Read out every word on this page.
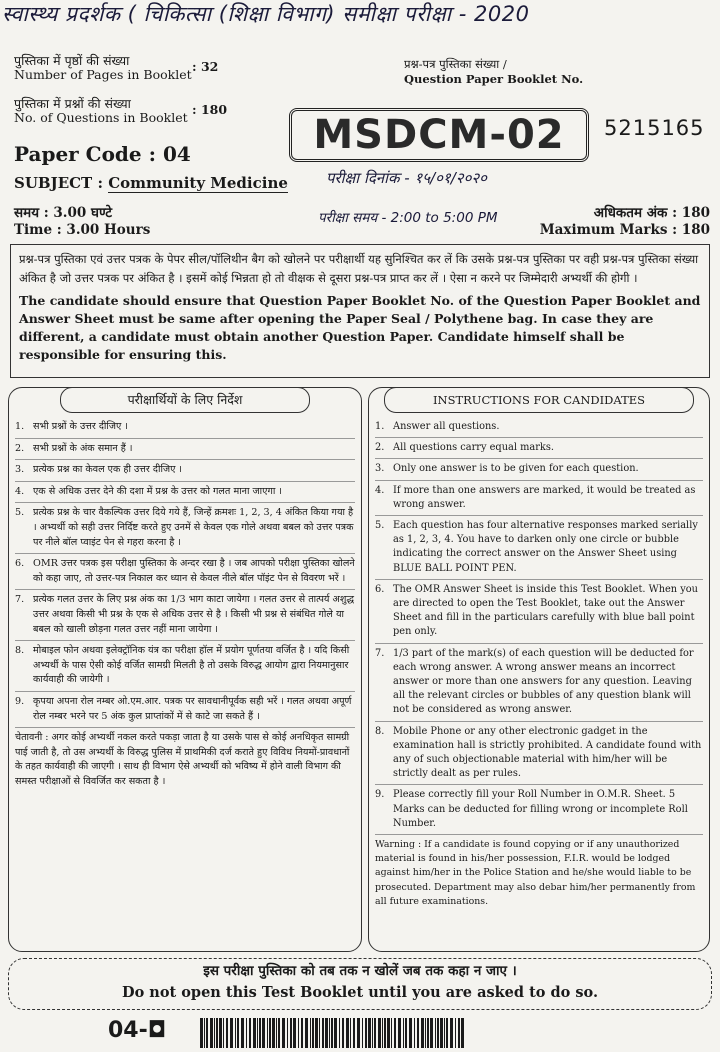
स्वास्थ्य प्रदर्शक ( चिकित्सा (शिक्षा विभाग) समीक्षा परीक्षा - 2020
पुस्तिका में पृष्ठों की संख्या
Number of Pages in Booklet
: 32
पुस्तिका में प्रश्नों की संख्या
No. of Questions in Booklet
: 180
प्रश्न-पत्र पुस्तिका संख्या /
Question Paper Booklet No.
MSDCM-02 5215165
Paper Code : 04
SUBJECT : Community Medicine	परीक्षा दिनांक - १५/०१/२०२०
समय : 3.00 घण्टे
Time : 3.00 Hours
परीक्षा समय - 2:00 to 5:00 PM	अधिकतम अंक : 180
Maximum Marks : 180
प्रश्न-पत्र पुस्तिका एवं उत्तर पत्रक के पेपर सील/पॉलिथीन बैग को खोलने पर परीक्षार्थी यह सुनिश्चित कर लें कि उसके प्रश्न-पत्र पुस्तिका पर वही प्रश्न-पत्र पुस्तिका संख्या अंकित है जो उत्तर पत्रक पर अंकित है । इसमें कोई भिन्नता हो तो वीक्षक से दूसरा प्रश्न-पत्र प्राप्त कर लें । ऐसा न करने पर जिम्मेदारी अभ्यर्थी की होगी ।
The candidate should ensure that Question Paper Booklet No. of the Question Paper Booklet and Answer Sheet must be same after opening the Paper Seal / Polythene bag. In case they are different, a candidate must obtain another Question Paper. Candidate himself shall be responsible for ensuring this.
परीक्षार्थियों के लिए निर्देश
1. सभी प्रश्नों के उत्तर दीजिए ।
2. सभी प्रश्नों के अंक समान हैं ।
3. प्रत्येक प्रश्न का केवल एक ही उत्तर दीजिए ।
4. एक से अधिक उत्तर देने की दशा में प्रश्न के उत्तर को गलत माना जाएगा ।
5. प्रत्येक प्रश्न के चार वैकल्पिक उत्तर दिये गये हैं, जिन्हें क्रमशः 1, 2, 3, 4 अंकित किया गया है । अभ्यर्थी को सही उत्तर निर्दिष्ट करते हुए उनमें से केवल एक गोले अथवा बबल को उत्तर पत्रक पर नीले बॉल प्वाइंट पेन से गहरा करना है ।
6. OMR उत्तर पत्रक इस परीक्षा पुस्तिका के अन्दर रखा है । जब आपको परीक्षा पुस्तिका खोलने को कहा जाए, तो उत्तर-पत्र निकाल कर ध्यान से केवल नीले बॉल पॉइंट पेन से विवरण भरें ।
7. प्रत्येक गलत उत्तर के लिए प्रश्न अंक का 1/3 भाग काटा जायेगा । गलत उत्तर से तात्पर्य अशुद्ध उत्तर अथवा किसी भी प्रश्न के एक से अधिक उत्तर से है । किसी भी प्रश्न से संबंधित गोले या बबल को खाली छोड़ना गलत उत्तर नहीं माना जायेगा ।
8. मोबाइल फोन अथवा इलेक्ट्रॉनिक यंत्र का परीक्षा हॉल में प्रयोग पूर्णतया वर्जित है । यदि किसी अभ्यर्थी के पास ऐसी कोई वर्जित सामग्री मिलती है तो उसके विरुद्ध आयोग द्वारा नियमानुसार कार्यवाही की जायेगी ।
9. कृपया अपना रोल नम्बर ओ.एम.आर. पत्रक पर सावधानीपूर्वक सही भरें । गलत अथवा अपूर्ण रोल नम्बर भरने पर 5 अंक कुल प्राप्तांकों में से काटे जा सकते हैं ।
चेतावनी : अगर कोई अभ्यर्थी नकल करते पकड़ा जाता है या उसके पास से कोई अनधिकृत सामग्री पाई जाती है, तो उस अभ्यर्थी के विरुद्ध पुलिस में प्राथमिकी दर्ज कराते हुए विविध नियमों-प्रावधानों के तहत कार्यवाही की जाएगी । साथ ही विभाग ऐसे अभ्यर्थी को भविष्य में होने वाली विभाग की समस्त परीक्षाओं से विवर्जित कर सकता है ।
INSTRUCTIONS FOR CANDIDATES
1. Answer all questions.
2. All questions carry equal marks.
3. Only one answer is to be given for each question.
4. If more than one answers are marked, it would be treated as wrong answer.
5. Each question has four alternative responses marked serially as 1, 2, 3, 4. You have to darken only one circle or bubble indicating the correct answer on the Answer Sheet using BLUE BALL POINT PEN.
6. The OMR Answer Sheet is inside this Test Booklet. When you are directed to open the Test Booklet, take out the Answer Sheet and fill in the particulars carefully with blue ball point pen only.
7. 1/3 part of the mark(s) of each question will be deducted for each wrong answer. A wrong answer means an incorrect answer or more than one answers for any question. Leaving all the relevant circles or bubbles of any question blank will not be considered as wrong answer.
8. Mobile Phone or any other electronic gadget in the examination hall is strictly prohibited. A candidate found with any of such objectionable material with him/her will be strictly dealt as per rules.
9. Please correctly fill your Roll Number in O.M.R. Sheet. 5 Marks can be deducted for filling wrong or incomplete Roll Number.
Warning : If a candidate is found copying or if any unauthorized material is found in his/her possession, F.I.R. would be lodged against him/her in the Police Station and he/she would liable to be prosecuted. Department may also debar him/her permanently from all future examinations.
इस परीक्षा पुस्तिका को तब तक न खोलें जब तक कहा न जाए ।
Do not open this Test Booklet until you are asked to do so.
04-◘
